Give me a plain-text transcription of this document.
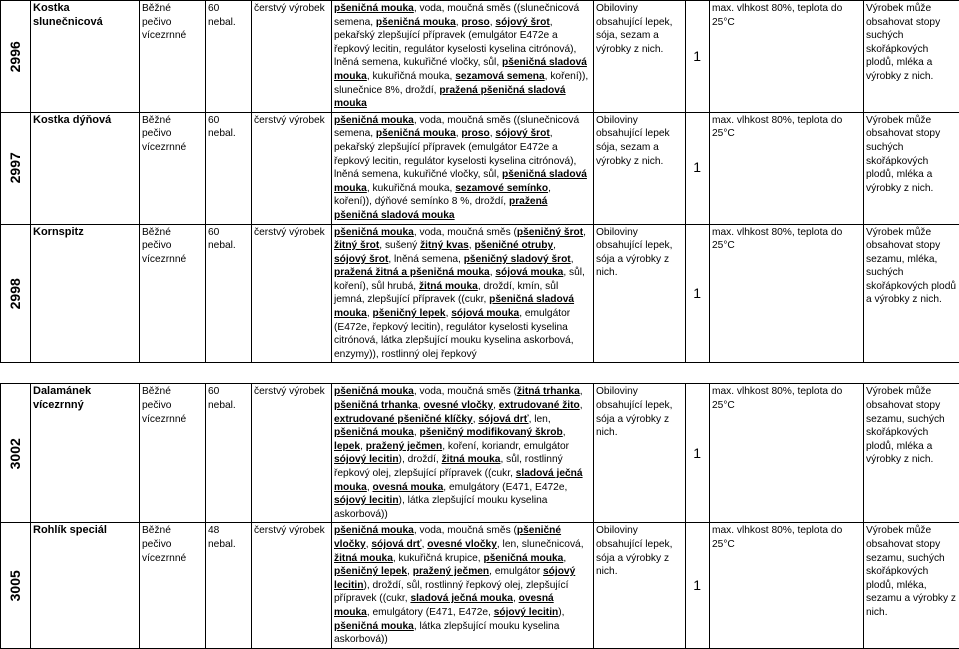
2996	Kostka slunečnicová	Běžné pečivo vícezrnné	60 nebal.	čerstvý výrobek	pšeničná mouka, voda, moučná směs ((slunečnicová semena, pšeničná mouka, proso, sójový šrot, pekařský zlepšující přípravek (emulgátor E472e a řepkový lecitin, regulátor kyselosti kyselina citrónová), lněná semena, kukuřičné vločky, sůl, pšeničná sladová mouka, kukuřičná mouka, sezamová semena, koření)), slunečnice 8%, droždí, pražená pšeničná sladová mouka	Obiloviny obsahující lepek, sója, sezam a výrobky z nich.	1	max. vlhkost 80%, teplota do 25°C	Výrobek může obsahovat stopy suchých skořápkových plodů, mléka a výrobky z nich.

2997	Kostka dýňová	Běžné pečivo vícezrnné	60 nebal.	čerstvý výrobek	pšeničná mouka, voda, moučná směs ((slunečnicová semena, pšeničná mouka, proso, sójový šrot, pekařský zlepšující přípravek (emulgátor E472e a řepkový lecitin, regulátor kyselosti kyselina citrónová), lněná semena, kukuřičné vločky, sůl, pšeničná sladová mouka, kukuřičná mouka, sezamové semínko, koření)), dýňové semínko 8 %, droždí, pražená pšeničná sladová mouka	Obiloviny obsahující lepek sója, sezam a výrobky z nich.	1	max. vlhkost 80%, teplota do 25°C	Výrobek může obsahovat stopy suchých skořápkových plodů, mléka a výrobky z nich.

2998	Kornspitz	Běžné pečivo vícezrnné	60 nebal.	čerstvý výrobek	pšeničná mouka, voda, moučná směs (pšeničný šrot, žitný šrot, sušený žitný kvas, pšeničné otruby, sójový šrot, lněná semena, pšeničný sladový šrot, pražená žitná a pšeničná mouka, sójová mouka, sůl, koření), sůl hrubá, žitná mouka, droždí, kmín, sůl jemná, zlepšující přípravek ((cukr, pšeničná sladová mouka, pšeničný lepek, sójová mouka, emulgátor (E472e, řepkový lecitin), regulátor kyselosti kyselina citrónová, látka zlepšující mouku kyselina askorbová, enzymy)), rostlinný olej řepkový	Obiloviny obsahující lepek, sója a výrobky z nich.	1	max. vlhkost 80%, teplota do 25°C	Výrobek může obsahovat stopy sezamu, mléka, suchých skořápkových plodů a výrobky z nich.

3002	Dalamánek vícezrnný	Běžné pečivo vícezrnné	60 nebal.	čerstvý výrobek	pšeničná mouka, voda, moučná směs (žitná trhanka, pšeničná trhanka, ovesné vločky, extrudované žito, extrudované pšeničné klíčky, sójová drť, len, pšeničná mouka, pšeničný modifikovaný škrob, lepek, pražený ječmen, koření, koriandr, emulgátor sójový lecitin), droždí, žitná mouka, sůl, rostlinný řepkový olej, zlepšující přípravek ((cukr, sladová ječná mouka, ovesná mouka, emulgátory (E471, E472e, sójový lecitin), látka zlepšující mouku kyselina askorbová))	Obiloviny obsahující lepek, sója a výrobky z nich.	1	max. vlhkost 80%, teplota do 25°C	Výrobek může obsahovat stopy sezamu, suchých skořápkových plodů, mléka a výrobky z nich.

3005	Rohlík speciál	Běžné pečivo vícezrnné	48 nebal.	čerstvý výrobek	pšeničná mouka, voda, moučná směs (pšeničné vločky, sójová drť, ovesné vločky, len, slunečnicová, žitná mouka, kukuřičná krupice, pšeničná mouka, pšeničný lepek, pražený ječmen, emulgátor sójový lecitin), droždí, sůl, rostlinný řepkový olej, zlepšující přípravek ((cukr, sladová ječná mouka, ovesná mouka, emulgátory (E471, E472e, sójový lecitin), pšeničná mouka, látka zlepšující mouku kyselina askorbová))	Obiloviny obsahující lepek, sója a výrobky z nich.	1	max. vlhkost 80%, teplota do 25°C	Výrobek může obsahovat stopy sezamu, suchých skořápkových plodů, mléka, sezamu a výrobky z nich.
